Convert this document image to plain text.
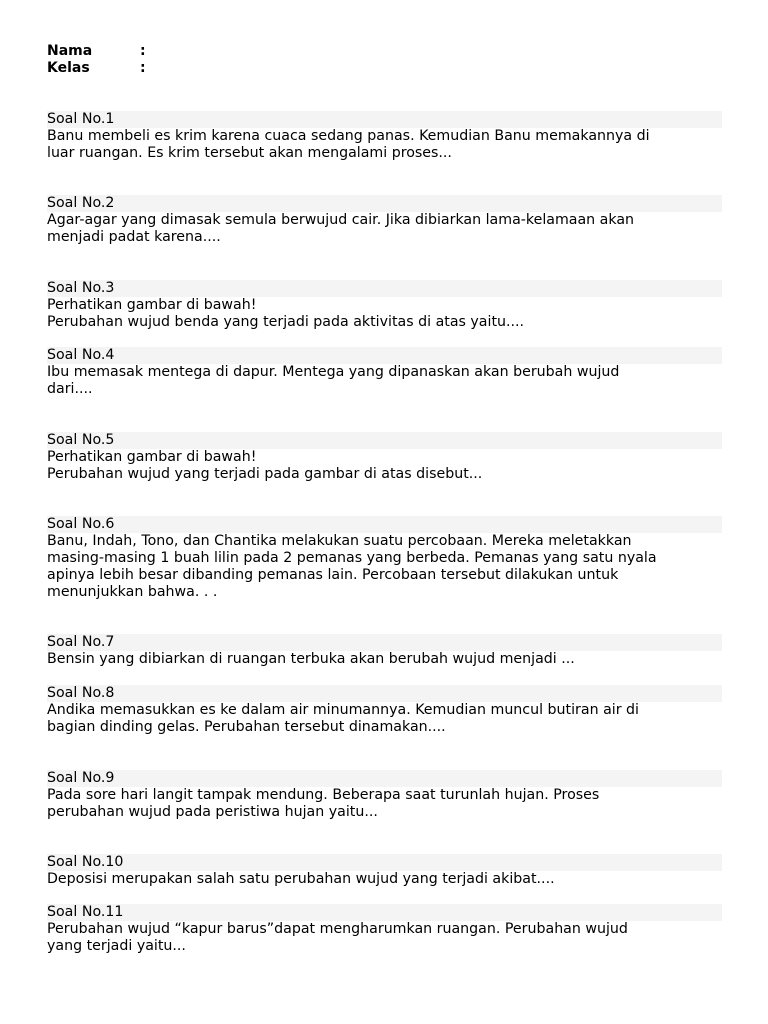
Nama	:
Kelas	:
Soal No.1
Banu membeli es krim karena cuaca sedang panas. Kemudian Banu memakannya di
luar ruangan. Es krim tersebut akan mengalami proses...
Soal No.2
Agar-agar yang dimasak semula berwujud cair. Jika dibiarkan lama-kelamaan akan
menjadi padat karena....
Soal No.3
Perhatikan gambar di bawah!
Perubahan wujud benda yang terjadi pada aktivitas di atas yaitu....
Soal No.4
Ibu memasak mentega di dapur. Mentega yang dipanaskan akan berubah wujud
dari....
Soal No.5
Perhatikan gambar di bawah!
Perubahan wujud yang terjadi pada gambar di atas disebut...
Soal No.6
Banu, Indah, Tono, dan Chantika melakukan suatu percobaan. Mereka meletakkan
masing-masing 1 buah lilin pada 2 pemanas yang berbeda. Pemanas yang satu nyala
apinya lebih besar dibanding pemanas lain. Percobaan tersebut dilakukan untuk
menunjukkan bahwa. . .
Soal No.7
Bensin yang dibiarkan di ruangan terbuka akan berubah wujud menjadi ...
Soal No.8
Andika memasukkan es ke dalam air minumannya. Kemudian muncul butiran air di
bagian dinding gelas. Perubahan tersebut dinamakan....
Soal No.9
Pada sore hari langit tampak mendung. Beberapa saat turunlah hujan. Proses
perubahan wujud pada peristiwa hujan yaitu...
Soal No.10
Deposisi merupakan salah satu perubahan wujud yang terjadi akibat....
Soal No.11
Perubahan wujud “kapur barus”dapat mengharumkan ruangan. Perubahan wujud
yang terjadi yaitu...
